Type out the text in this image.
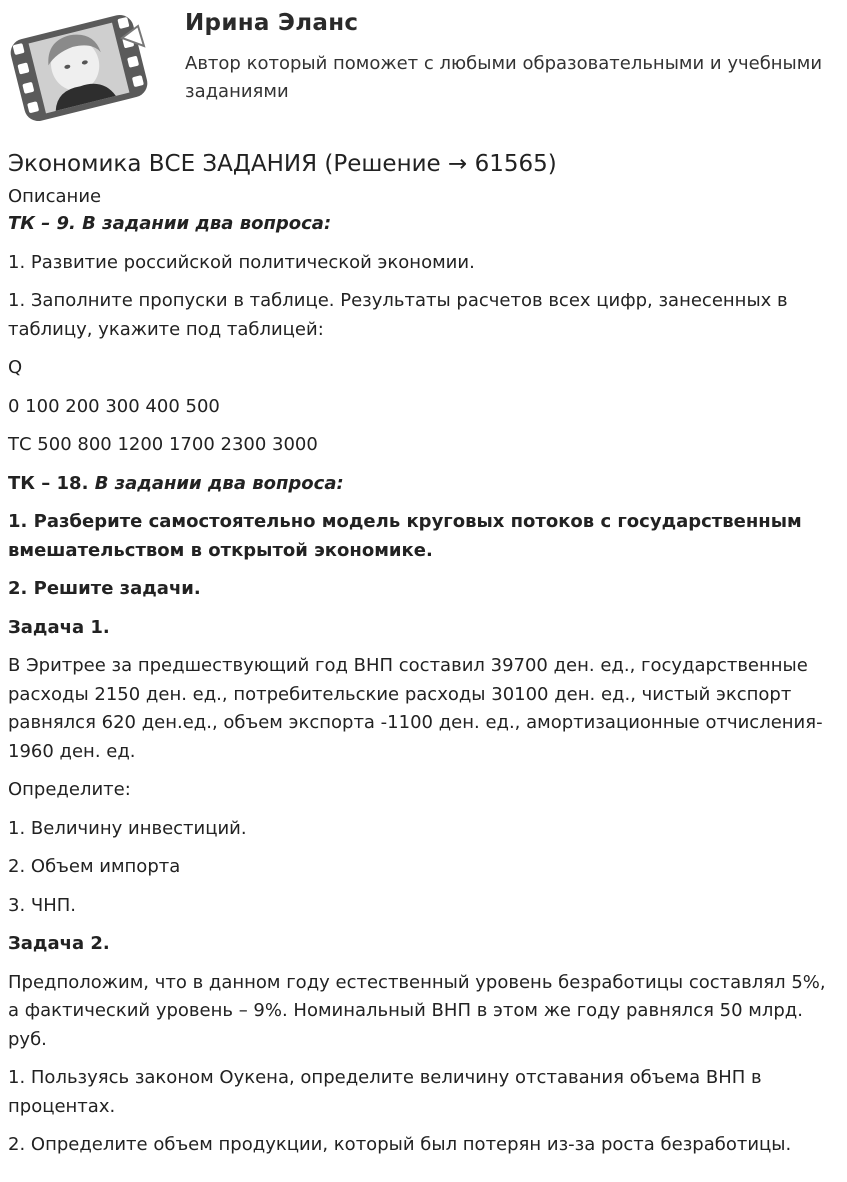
Ирина Эланс
Автор который поможет с любыми образовательными и учебными заданиями
Экономика ВСЕ ЗАДАНИЯ (Решение → 61565)
Описание

ТК – 9. В задании два вопроса:

1. Развитие российской политической экономии.

1. Заполните пропуски в таблице. Результаты расчетов всех цифр, занесенных в таблицу, укажите под таблицей:

Q

0 100 200 300 400 500

ТС 500 800 1200 1700 2300 3000

ТК – 18. В задании два вопроса:

1. Разберите самостоятельно модель круговых потоков с государственным вмешательством в открытой экономике.

2. Решите задачи.

Задача 1.

В Эритрее за предшествующий год ВНП составил 39700 ден. ед., государственные расходы 2150 ден. ед., потребительские расходы 30100 ден. ед., чистый экспорт равнялся 620 ден.ед., объем экспорта -1100 ден. ед., амортизационные отчисления- 1960 ден. ед.

Определите:

1. Величину инвестиций.

2. Объем импорта

3. ЧНП.

Задача 2.

Предположим, что в данном году естественный уровень безработицы составлял 5%, а фактический уровень – 9%. Номинальный ВНП в этом же году равнялся 50 млрд. руб.

1. Пользуясь законом Оукена, определите величину отставания объема ВНП в процентах.

2. Определите объем продукции, который был потерян из-за роста безработицы.
